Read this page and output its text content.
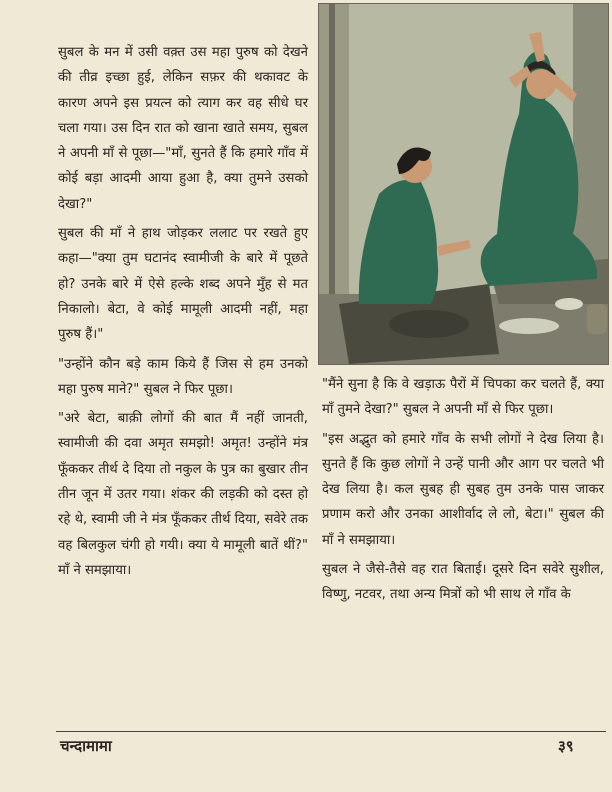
सुबल के मन में उसी वक़्त उस महा पुरुष को देखने की तीव्र इच्छा हुई, लेकिन सफ़र की थकावट के कारण अपने इस प्रयत्न को त्याग कर वह सीधे घर चला गया। उस दिन रात को खाना खाते समय, सुबल ने अपनी माँ से पूछा—"माँ, सुनते हैं कि हमारे गाँव में कोई बड़ा आदमी आया हुआ है, क्या तुमने उसको देखा?"

सुबल की माँ ने हाथ जोड़कर ललाट पर रखते हुए कहा—"क्या तुम घटानंद स्वामीजी के बारे में पूछते हो? उनके बारे में ऐसे हल्के शब्द अपने मुँह से मत निकालो। बेटा, वे कोई मामूली आदमी नहीं, महा पुरुष हैं।"

"उन्होंने कौन बड़े काम किये हैं जिस से हम उनको महा पुरुष माने?" सुबल ने फिर पूछा।

"अरे बेटा, बाक़ी लोगों की बात मैं नहीं जानती, स्वामीजी की दवा अमृत समझो! अमृत! उन्होंने मंत्र फूँककर तीर्थ दे दिया तो नकुल के पुत्र का बुखार तीन तीन जून में उतर गया। शंकर की लड़की को दस्त हो रहे थे, स्वामी जी ने मंत्र फूँककर तीर्थ दिया, सवेरे तक वह बिलकुल चंगी हो गयी। क्या ये मामूली बातें थीं?" माँ ने समझाया।

"मैंने सुना है कि वे खड़ाऊ पैरों में चिपका कर चलते हैं, क्या माँ तुमने देखा?" सुबल ने अपनी माँ से फिर पूछा।

"इस अद्भुत को हमारे गाँव के सभी लोगों ने देख लिया है। सुनते हैं कि कुछ लोगों ने उन्हें पानी और आग पर चलते भी देख लिया है। कल सुबह ही सुबह तुम उनके पास जाकर प्रणाम करो और उनका आशीर्वाद ले लो, बेटा।" सुबल की माँ ने समझाया।

सुबल ने जैसे-तैसे वह रात बिताई। दूसरे दिन सवेरे सुशील, विष्णु, नटवर, तथा अन्य मित्रों को भी साथ ले गाँव के

चन्दामामा	३९
